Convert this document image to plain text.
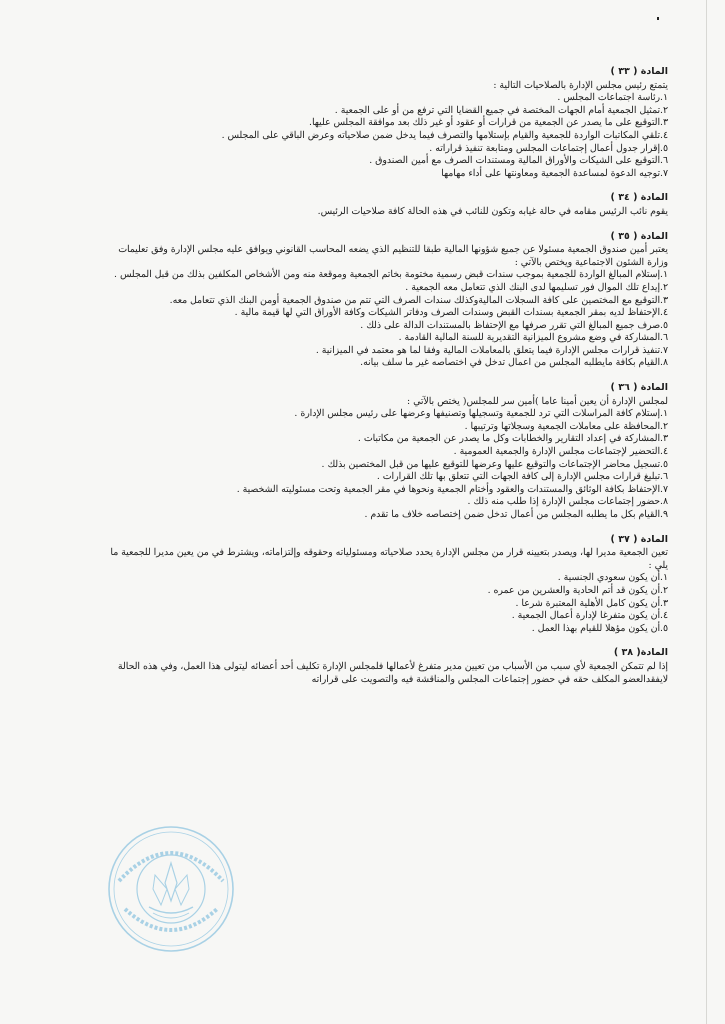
المادة ( ٣٣ )

يتمتع رئيس مجلس الإدارة بالصلاحيات التالية :

١.رئاسة اجتماعات المجلس .
٢.تمثيل الجمعية أمام الجهات المختصة في جميع القضايا التي ترفع من أو على الجمعية .
٣.التوقيع على ما يصدر عن الجمعية من قرارات أو عقود أو غير ذلك بعد موافقة المجلس عليها.
٤.تلقي المكاتبات الواردة للجمعية والقيام بإستلامها والتصرف فيما يدخل ضمن صلاحياته وعرض الباقي على المجلس .
٥.إقرار جدول أعمال إجتماعات المجلس ومتابعة تنفيذ قراراته .
٦.التوقيع على الشيكات والأوراق المالية ومستندات الصرف مع أمين الصندوق .
٧.توجيه الدعوة لمساعدة الجمعية ومعاونتها على أداء مهامها
المادة ( ٣٤ )

يقوم نائب الرئيس مقامه في حالة غيابه وتكون للنائب في هذه الحالة كافة صلاحيات الرئيس.

المادة ( ٣٥ )

يعتبر أمين صندوق الجمعية مسئولا عن جميع شؤونها المالية طبقا للتنظيم الذي يضعه المحاسب القانوني ويوافق عليه مجلس الإدارة وفق تعليمات وزارة الشئون الاجتماعية ويختص بالآتي :

١.إستلام المبالغ الواردة للجمعية بموجب سندات قبض رسمية مختومة بخاتم الجمعية وموقعة منه ومن الأشخاص المكلفين بذلك من قبل المجلس .
٢.إيداع تلك الموال فور تسليمها لدى البنك الذي تتعامل معه الجمعية .
٣.التوقيع مع المختصين على كافة السجلات الماليةوكذلك سندات الصرف التي تتم من صندوق الجمعية أومن البنك الذي تتعامل معه.
٤.الإحتفاظ لديه بمقر الجمعية بسندات القبض وسندات الصرف ودفاتر الشيكات وكافة الأوراق التي لها قيمة مالية .
٥.صرف جميع المبالغ التي تقرر صرفها مع الإحتفاظ بالمستندات الدالة على ذلك .
٦.المشاركة في وضع مشروع الميزانية التقديرية للسنة المالية القادمة .
٧.تنفيذ قرارات مجلس الإدارة فيما يتعلق بالمعاملات المالية وفقا لما هو معتمد في الميزانية .
٨.القيام بكافة مايطلبه المجلس من اعمال تدخل في اختصاصه غير ما سلف بيانه.
المادة ( ٣٦ )

لمجلس الإدارة أن يعين أمينا عاما )أمين سر للمجلس( يختص بالآتي :

١.إستلام كافة المراسلات التي ترد للجمعية وتسجيلها وتصنيفها وعرضها على رئيس مجلس الإدارة .
٢.المحافظة على معاملات الجمعية وسجلاتها وترتيبها .
٣.المشاركة في إعداد التقارير والخطابات وكل ما يصدر عن الجمعية من مكاتبات .
٤.التحضير لإجتماعات مجلس الإدارة والجمعية العمومية .
٥.تسجيل محاضر الإجتماعات والتوقيع عليها وعرضها للتوقيع عليها من قبل المختصين بذلك .
٦.تبليغ قرارات مجلس الإدارة إلى كافة الجهات التي تتعلق بها تلك القرارات .
٧.الإحتفاظ بكافة الوثائق والمستندات والعقود وأختام الجمعية ونحوها في مقر الجمعية وتحت مسئوليته الشخصية .
٨.حضور إجتماعات مجلس الإدارة إذا طلب منه ذلك .
٩.القيام بكل ما يطلبه المجلس من أعمال تدخل ضمن إختصاصه خلاف ما تقدم .
المادة ( ٣٧ )

تعين الجمعية مديرا لها، ويصدر بتعيينه قرار من مجلس الإدارة يحدد صلاحياته ومسئولياته وحقوقه وإلتزاماته، ويشترط في من يعين مديرا للجمعية ما يلي :

١.أن يكون سعودي الجنسية .
٢.أن يكون قد أتم الحادية والعشرين من عمره .
٣.أن يكون كامل الأهلية المعتبرة شرعا .
٤.أن يكون متفرغا لإدارة أعمال الجمعية .
٥.أن يكون مؤهلا للقيام بهذا العمل .
المادة( ٣٨ )

إذا لم تتمكن الجمعية لأي سبب من الأسباب من تعيين مدير متفرغ لأعمالها فلمجلس الإدارة تكليف أحد أعضائه ليتولى هذا العمل، وفي هذه الحالة لايفقدالعضو المكلف حقه في حضور إجتماعات المجلس والمناقشة فيه والتصويت على قراراته
